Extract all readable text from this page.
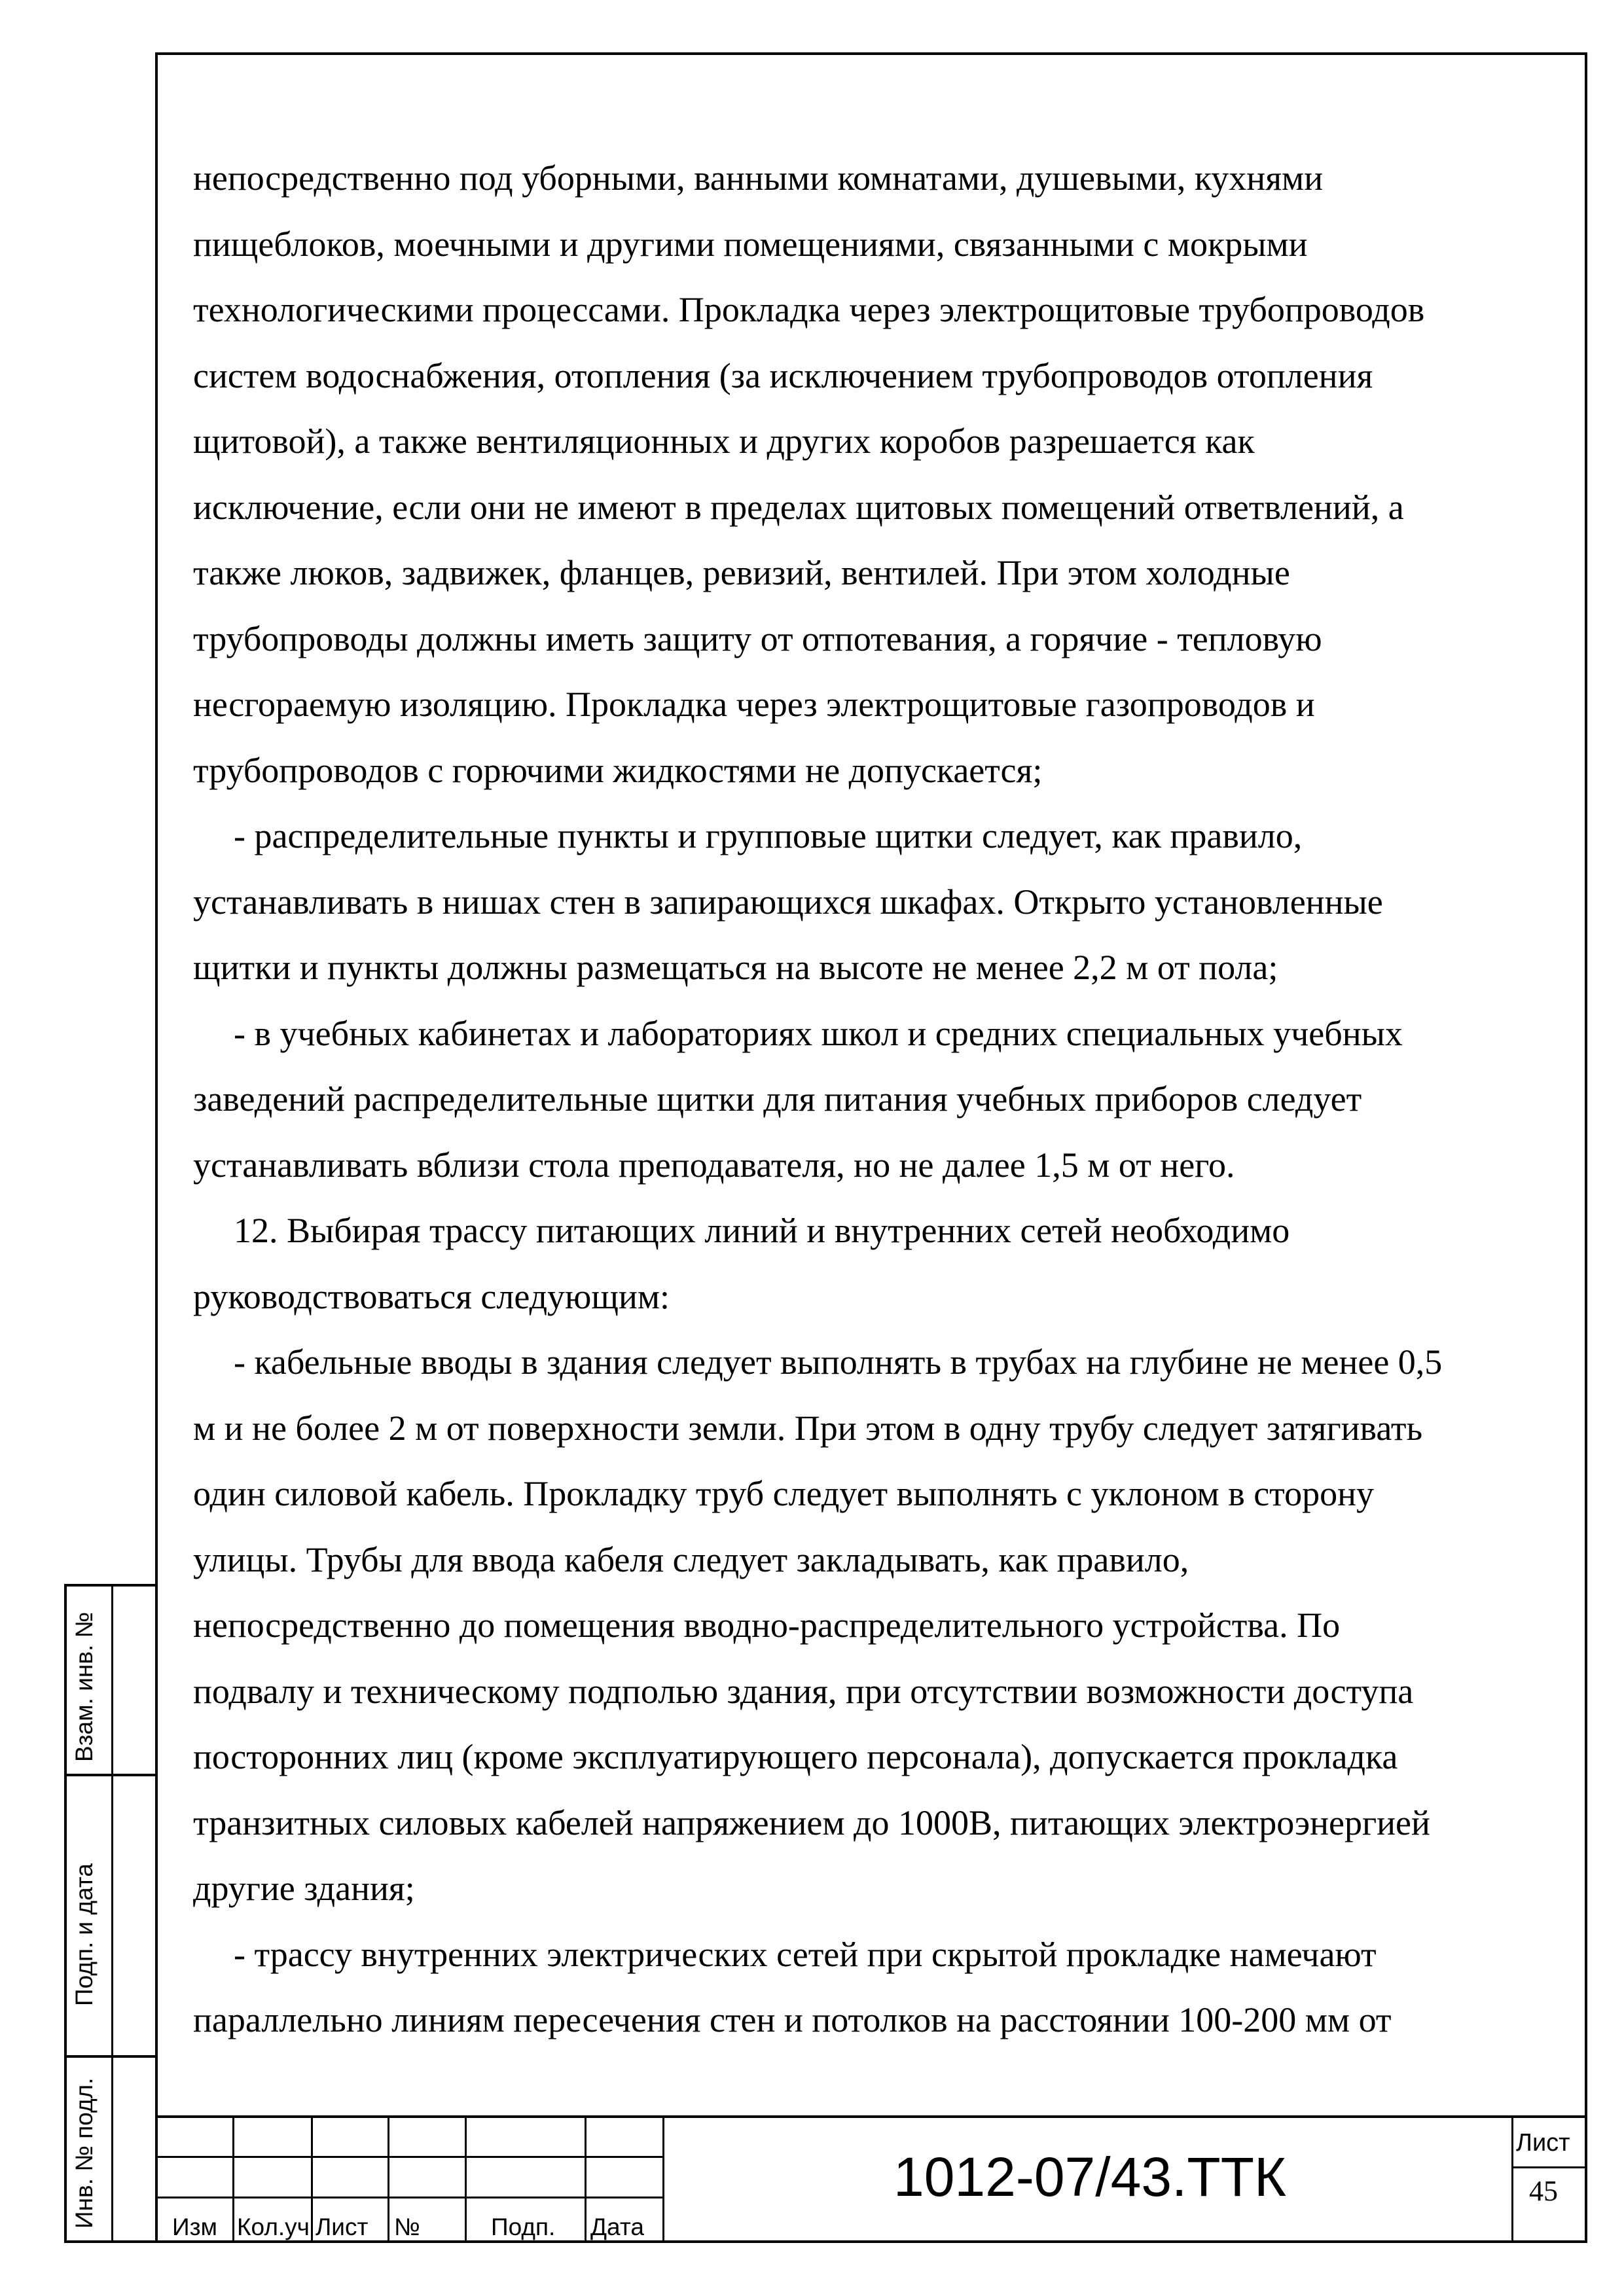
непосредственно под уборными, ванными комнатами, душевыми, кухнями

пищеблоков, моечными и другими помещениями, связанными с мокрыми

технологическими процессами. Прокладка через электрощитовые трубопроводов

систем водоснабжения, отопления (за исключением трубопроводов отопления

щитовой), а также вентиляционных и других коробов разрешается как

исключение, если они не имеют в пределах щитовых помещений ответвлений, а

также люков, задвижек, фланцев, ревизий, вентилей. При этом холодные

трубопроводы должны иметь защиту от отпотевания, а горячие - тепловую

несгораемую изоляцию. Прокладка через электрощитовые газопроводов и

трубопроводов с горючими жидкостями не допускается;

- распределительные пункты и групповые щитки следует, как правило,

устанавливать в нишах стен в запирающихся шкафах. Открыто установленные

щитки и пункты должны размещаться на высоте не менее 2,2 м от пола;

- в учебных кабинетах и лабораториях школ и средних специальных учебных

заведений распределительные щитки для питания учебных приборов следует

устанавливать вблизи стола преподавателя, но не далее 1,5 м от него.

12. Выбирая трассу питающих линий и внутренних сетей необходимо

руководствоваться следующим:

- кабельные вводы в здания следует выполнять в трубах на глубине не менее 0,5

м и не более 2 м от поверхности земли. При этом в одну трубу следует затягивать

один силовой кабель. Прокладку труб следует выполнять с уклоном в сторону

улицы. Трубы для ввода кабеля следует закладывать, как правило,

непосредственно до помещения вводно-распределительного устройства. По

подвалу и техническому подполью здания, при отсутствии возможности доступа

посторонних лиц (кроме эксплуатирующего персонала), допускается прокладка

транзитных силовых кабелей напряжением до 1000В, питающих электроэнергией

другие здания;

- трассу внутренних электрических сетей при скрытой прокладке намечают

параллельно линиям пересечения стен и потолков на расстоянии 100-200 мм от

Взам. инв. №
Подп. и дата
Инв. № подл.	Изм Кол.уч Лист №	Подп. Дата
1012-07/43.ТТК
Лист
45
